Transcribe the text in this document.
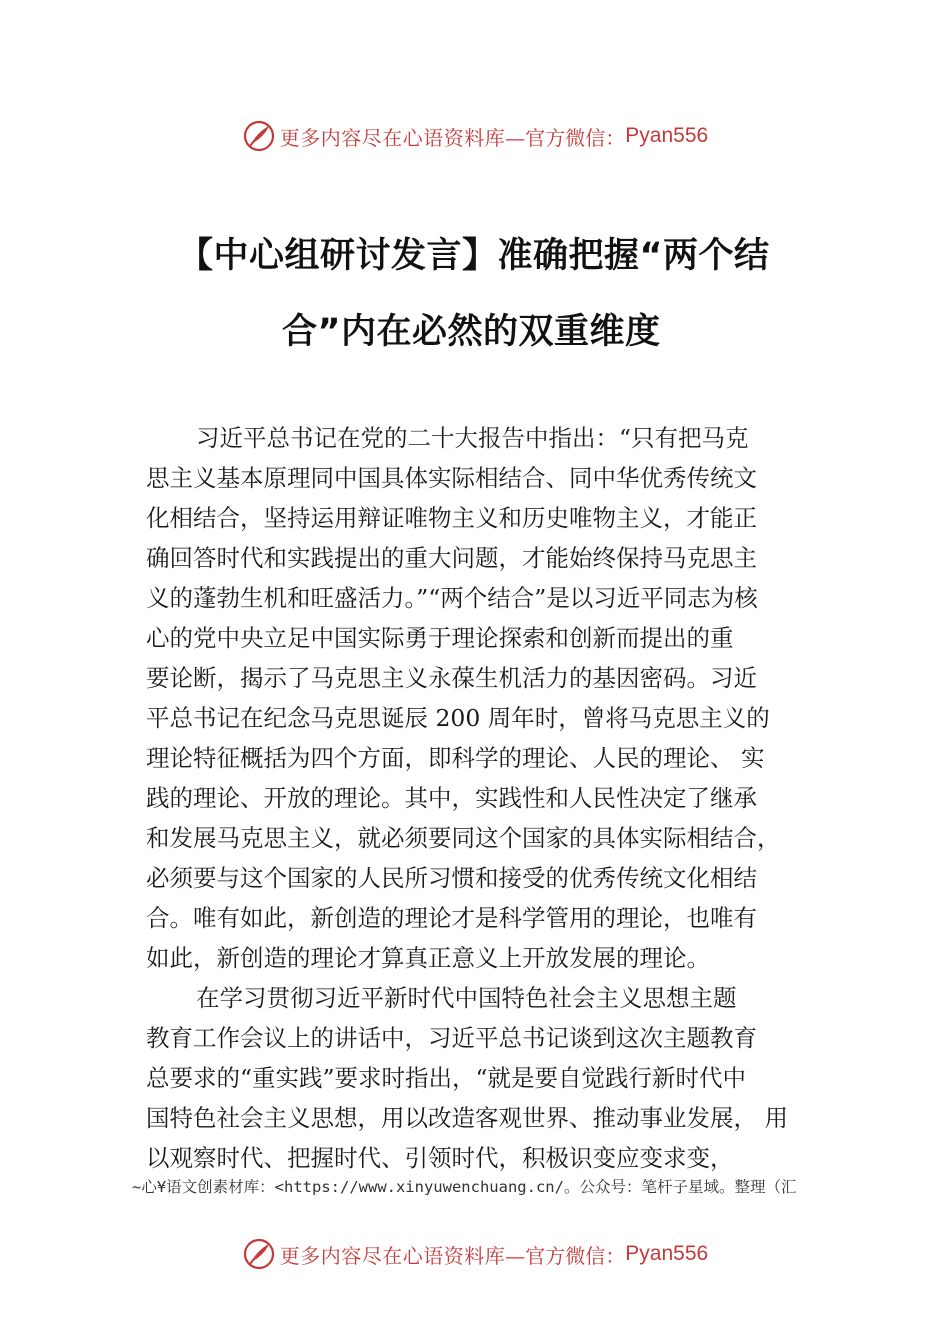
更多内容尽在心语资料库 —官方微信： Pyan556
【中心组研讨发言】准确把握“两个结
合”内在必然的双重维度
习近平总书记在党的二十大报告中指出：“只有把马克
思主义基本原理同中国具体实际相结合、同中华优秀传统文
化相结合，坚持运用辩证唯物主义和历史唯物主义，才能正
确回答时代和实践提出的重大问题，才能始终保持马克思主
义的蓬勃生机和旺盛活力。”“两个结合”是以习近平同志为核
心的党中央立足中国实际勇于理论探索和创新而提出的重
要论断，揭示了马克思主义永葆生机活力的基因密码。习近
平总书记在纪念马克思诞辰 200 周年时，曾将马克思主义的
理论特征概括为四个方面，即科学的理论、人民的理论、 实
践的理论、开放的理论。其中，实践性和人民性决定了继承
和发展马克思主义，就必须要同这个国家的具体实际相结合，
必须要与这个国家的人民所习惯和接受的优秀传统文化相结
合。唯有如此，新创造的理论才是科学管用的理论，也唯有
如此，新创造的理论才算真正意义上开放发展的理论。
在学习贯彻习近平新时代中国特色社会主义思想主题
教育工作会议上的讲话中，习近平总书记谈到这次主题教育
总要求的“重实践”要求时指出，“就是要自觉践行新时代中
国特色社会主义思想，用以改造客观世界、推动事业发展， 用
以观察时代、把握时代、引领时代，积极识变应变求变，
~心¥语文创素材库：<https://www.xinyuwenchuang.cn/。公众号：笔杆子星域。整理（汇
更多内容尽在心语资料库 —官方微信： Pyan556
